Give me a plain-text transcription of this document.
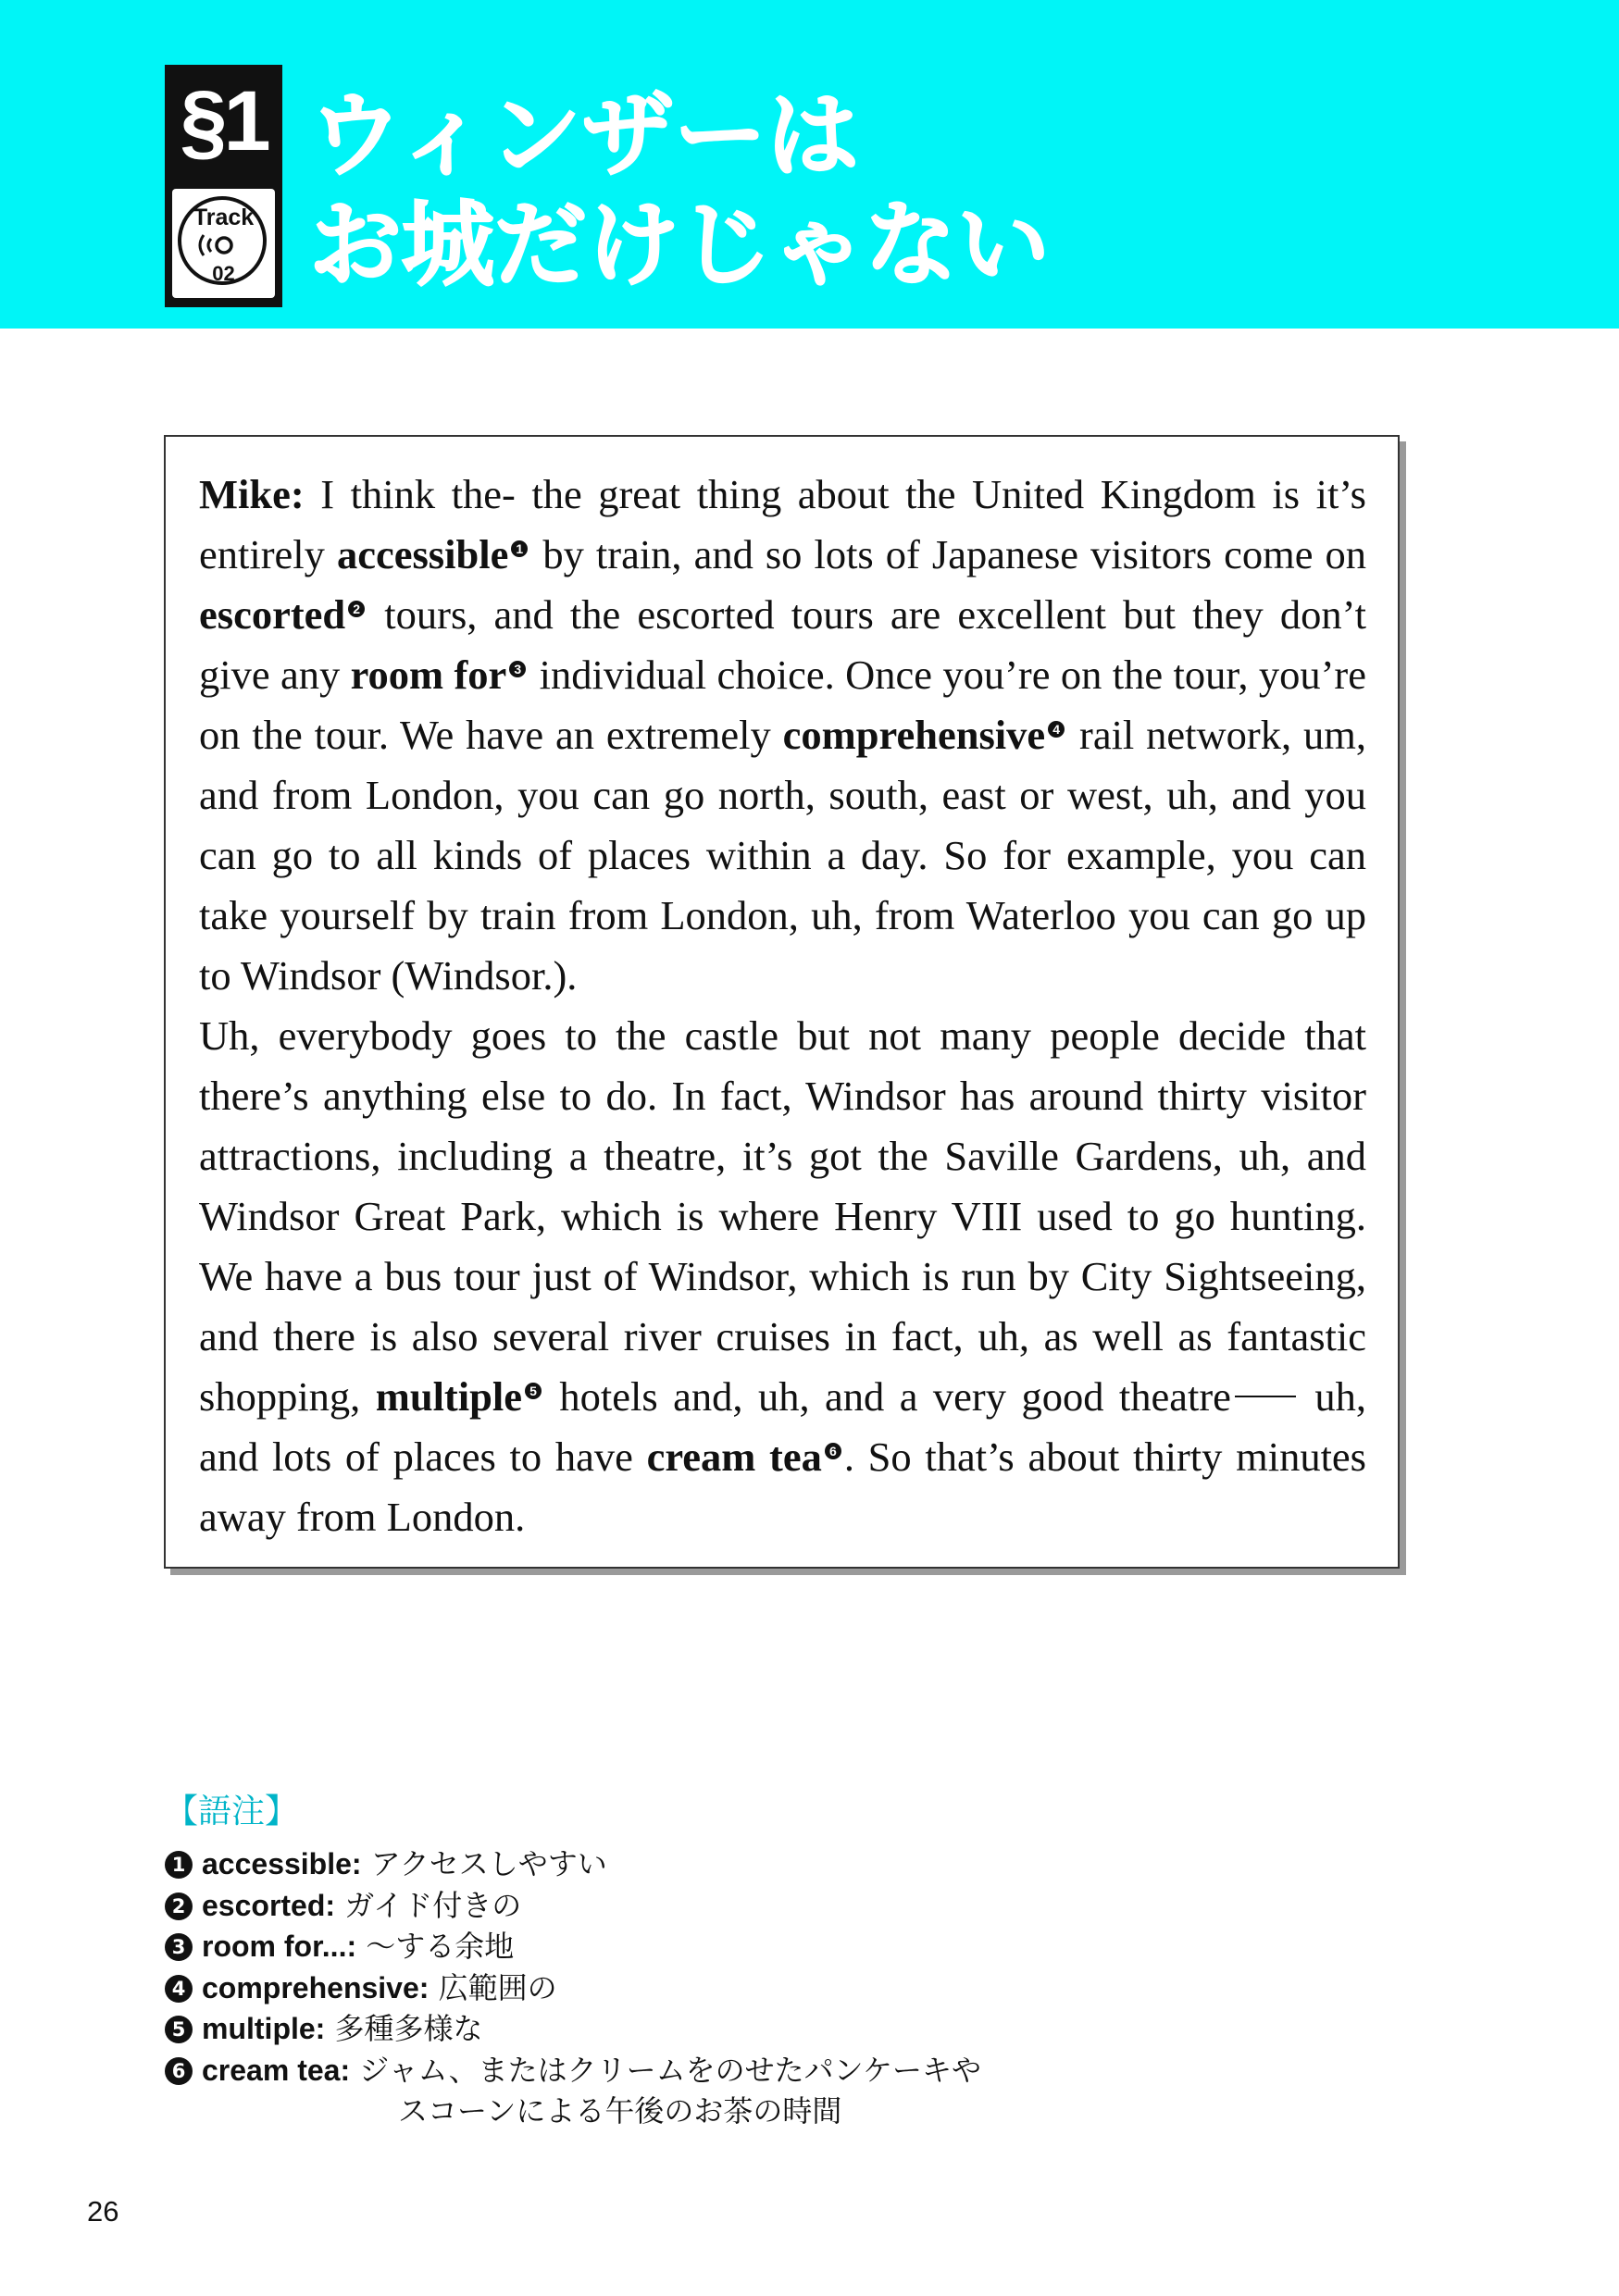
§1
Track
02
ウィンザーは
お城だけじゃない

Mike: I think the- the great thing about the United Kingdom is it’s entirely accessible 1 by train, and so lots of Japanese visitors come on escorted 2 tours, and the escorted tours are excellent but they don’t give any room for 3 individual choice. Once you’re on the tour, you’re on the tour. We have an extremely comprehensive 4 rail network, um, and from London, you can go north, south, east or west, uh, and you can go to all kinds of places within a day. So for example, you can take yourself by train from London, uh, from Waterloo you can go up to Windsor (Windsor.).

Uh, everybody goes to the castle but not many people decide that there’s anything else to do. In fact, Windsor has around thirty visitor attractions, including a theatre, it’s got the Saville Gardens, uh, and Windsor Great Park, which is where Henry VIII used to go hunting. We have a bus tour just of Windsor, which is run by City Sightseeing, and there is also several river cruises in fact, uh, as well as fantastic shopping, multiple 5 hotels and, uh, and a very good theatre uh, and lots of places to have cream tea 6 . So that’s about thirty minutes away from London.

【語注】
1 accessible: アクセスしやすい
2 escorted: ガイド付きの
3 room for...: ～する余地
4 comprehensive: 広範囲の
5 multiple: 多種多様な
6 cream tea: ジャム、またはクリームをのせたパンケーキや
スコーンによる午後のお茶の時間

26
